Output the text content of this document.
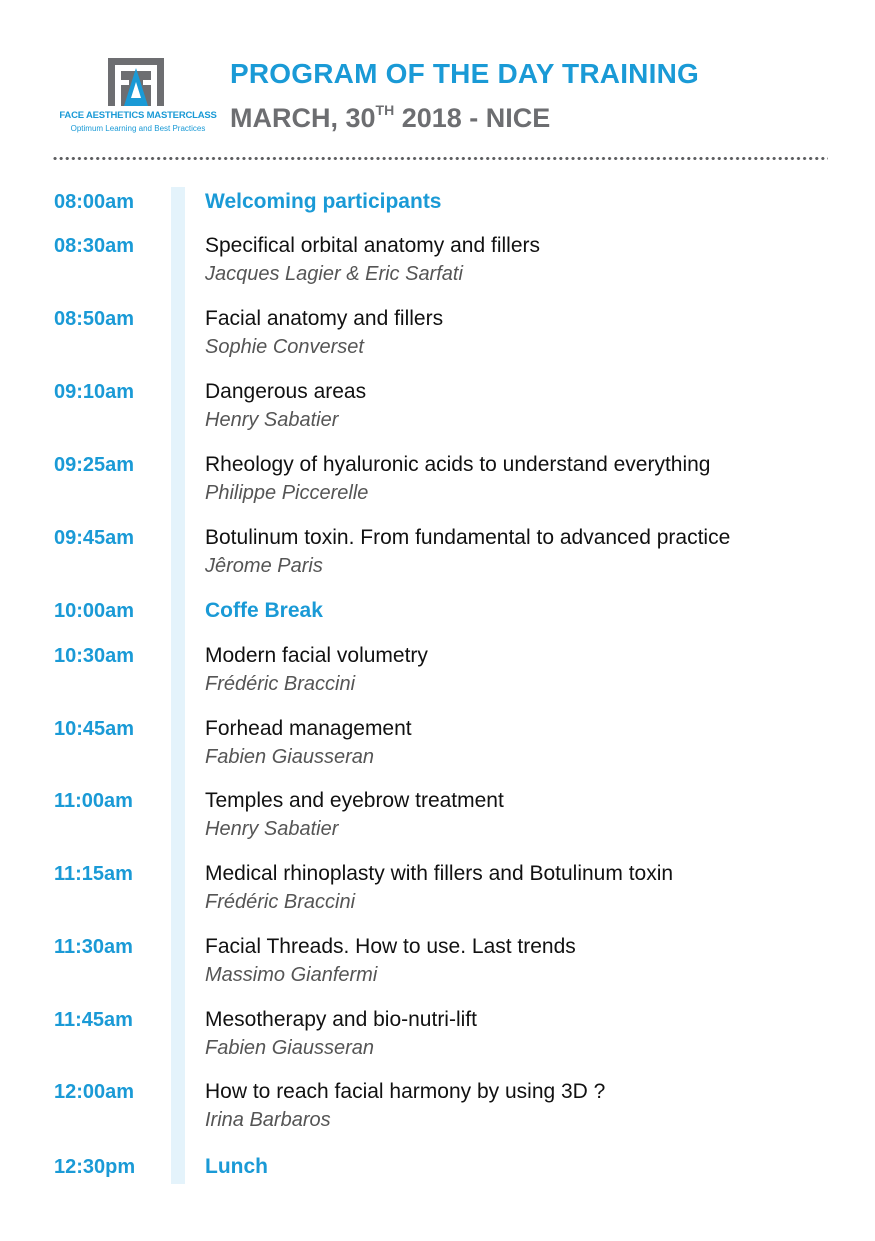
FACE AESTHETICS MASTERCLASS
Optimum Learning and Best Practices
PROGRAM OF THE DAY TRAINING
MARCH, 30TH 2018 - NICE
08:00am	Welcoming participants
08:30am	Specifical orbital anatomy and fillers
Jacques Lagier & Eric Sarfati
08:50am	Facial anatomy and fillers
Sophie Converset
09:10am	Dangerous areas
Henry Sabatier
09:25am	Rheology of hyaluronic acids to understand everything
Philippe Piccerelle
09:45am	Botulinum toxin. From fundamental to advanced practice
Jêrome Paris
10:00am	Coffe Break
10:30am	Modern facial volumetry
Frédéric Braccini
10:45am	Forhead management
Fabien Giausseran
11:00am	Temples and eyebrow treatment
Henry Sabatier
11:15am	Medical rhinoplasty with fillers and Botulinum toxin
Frédéric Braccini
11:30am	Facial Threads. How to use. Last trends
Massimo Gianfermi
11:45am	Mesotherapy and bio-nutri-lift
Fabien Giausseran
12:00am	How to reach facial harmony by using 3D ?
Irina Barbaros
12:30pm	Lunch
